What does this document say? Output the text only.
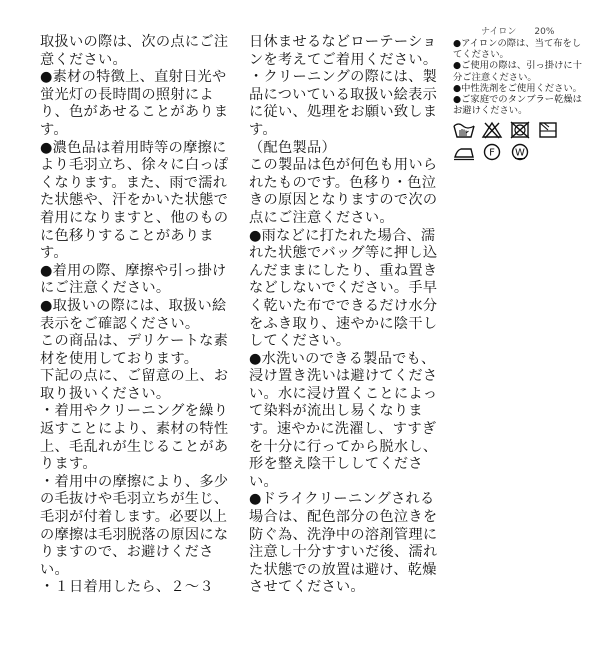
取扱いの際は、次の点にご注意ください。

●素材の特徴上、直射日光や蛍光灯の長時間の照射により、色があせることがあります。

●濃色品は着用時等の摩擦により毛羽立ち、徐々に白っぽくなります。また、雨で濡れた状態や、汗をかいた状態で着用になりますと、他のものに色移りすることがあります。

●着用の際、摩擦や引っ掛けにご注意ください。

●取扱いの際には、取扱い絵表示をご確認ください。

この商品は、デリケートな素材を使用しております。

下記の点に、ご留意の上、お取り扱いください。

・着用やクリーニングを繰り返すことにより、素材の特性上、毛乱れが生じることがあります。

・着用中の摩擦により、多少の毛抜けや毛羽立ちが生じ、毛羽が付着します。必要以上の摩擦は毛羽脱落の原因になりますので、お避けください。

・１日着用したら、２～３

日休ませるなどローテーションを考えてご着用ください。

・クリーニングの際には、製品についている取扱い絵表示に従い、処理をお願い致します。

（配色製品）

この製品は色が何色も用いられたものです。色移り・色泣きの原因となりますので次の点にご注意ください。

●雨などに打たれた場合、濡れた状態でバッグ等に押し込んだままにしたり、重ね置きなどしないでください。手早く乾いた布でできるだけ水分をふき取り、速やかに陰干ししてください。

●水洗いのできる製品でも、浸け置き洗いは避けてください。水に浸け置くことによって染料が流出し易くなります。速やかに洗濯し、すすぎを十分に行ってから脱水し、形を整え陰干ししてください。

●ドライクリーニングされる場合は、配色部分の色泣きを防ぐ為、洗浄中の溶剤管理に注意し十分すすいだ後、濡れた状態での放置は避け、乾燥させてください。

ナイロン　　20%

●アイロンの際は、当て布をしてください。

●ご使用の際は、引っ掛けに十分ご注意ください。

●中性洗剤をご使用ください。

●ご家庭でのタンブラー乾燥はお避けください。

F W
